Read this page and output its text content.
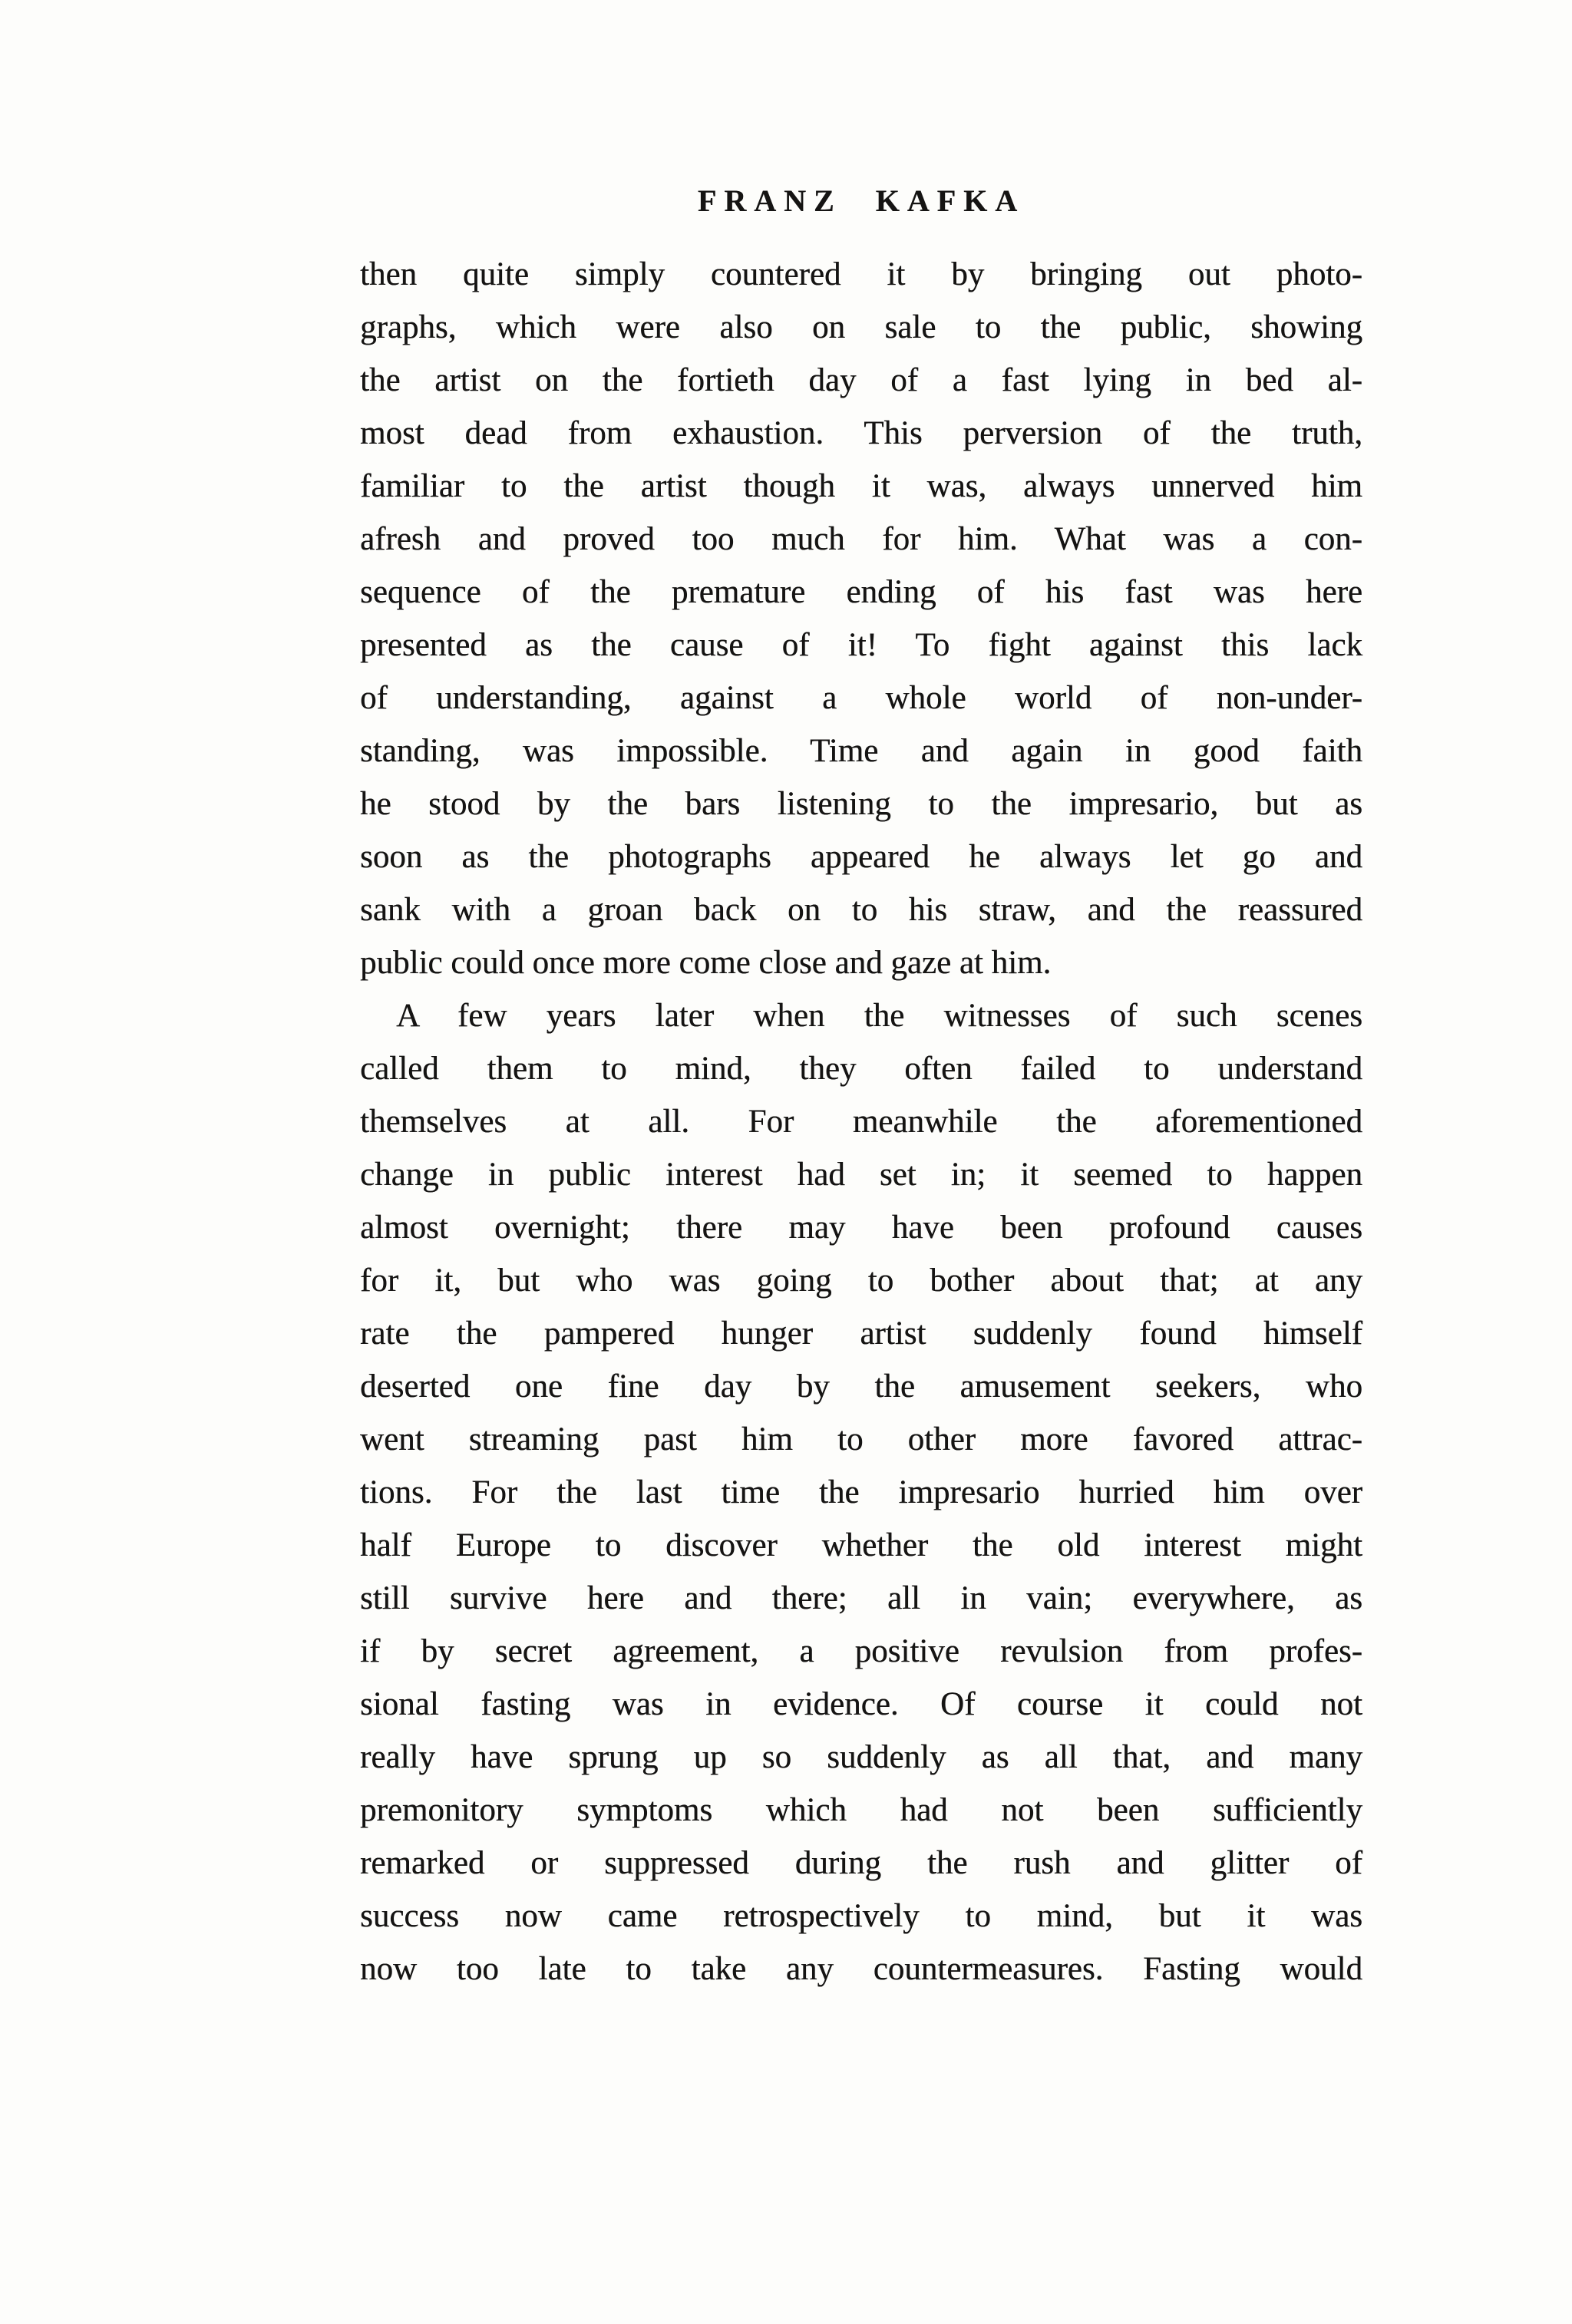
FRANZ KAFKA
then quite simply countered it by bringing out photo-
graphs, which were also on sale to the public, showing
the artist on the fortieth day of a fast lying in bed al-
most dead from exhaustion. This perversion of the truth,
familiar to the artist though it was, always unnerved him
afresh and proved too much for him. What was a con-
sequence of the premature ending of his fast was here
presented as the cause of it! To fight against this lack
of understanding, against a whole world of non-under-
standing, was impossible. Time and again in good faith
he stood by the bars listening to the impresario, but as
soon as the photographs appeared he always let go and
sank with a groan back on to his straw, and the reassured
public could once more come close and gaze at him.
A few years later when the witnesses of such scenes
called them to mind, they often failed to understand
themselves at all. For meanwhile the aforementioned
change in public interest had set in; it seemed to happen
almost overnight; there may have been profound causes
for it, but who was going to bother about that; at any
rate the pampered hunger artist suddenly found himself
deserted one fine day by the amusement seekers, who
went streaming past him to other more favored attrac-
tions. For the last time the impresario hurried him over
half Europe to discover whether the old interest might
still survive here and there; all in vain; everywhere, as
if by secret agreement, a positive revulsion from profes-
sional fasting was in evidence. Of course it could not
really have sprung up so suddenly as all that, and many
premonitory symptoms which had not been sufficiently
remarked or suppressed during the rush and glitter of
success now came retrospectively to mind, but it was
now too late to take any countermeasures. Fasting would
